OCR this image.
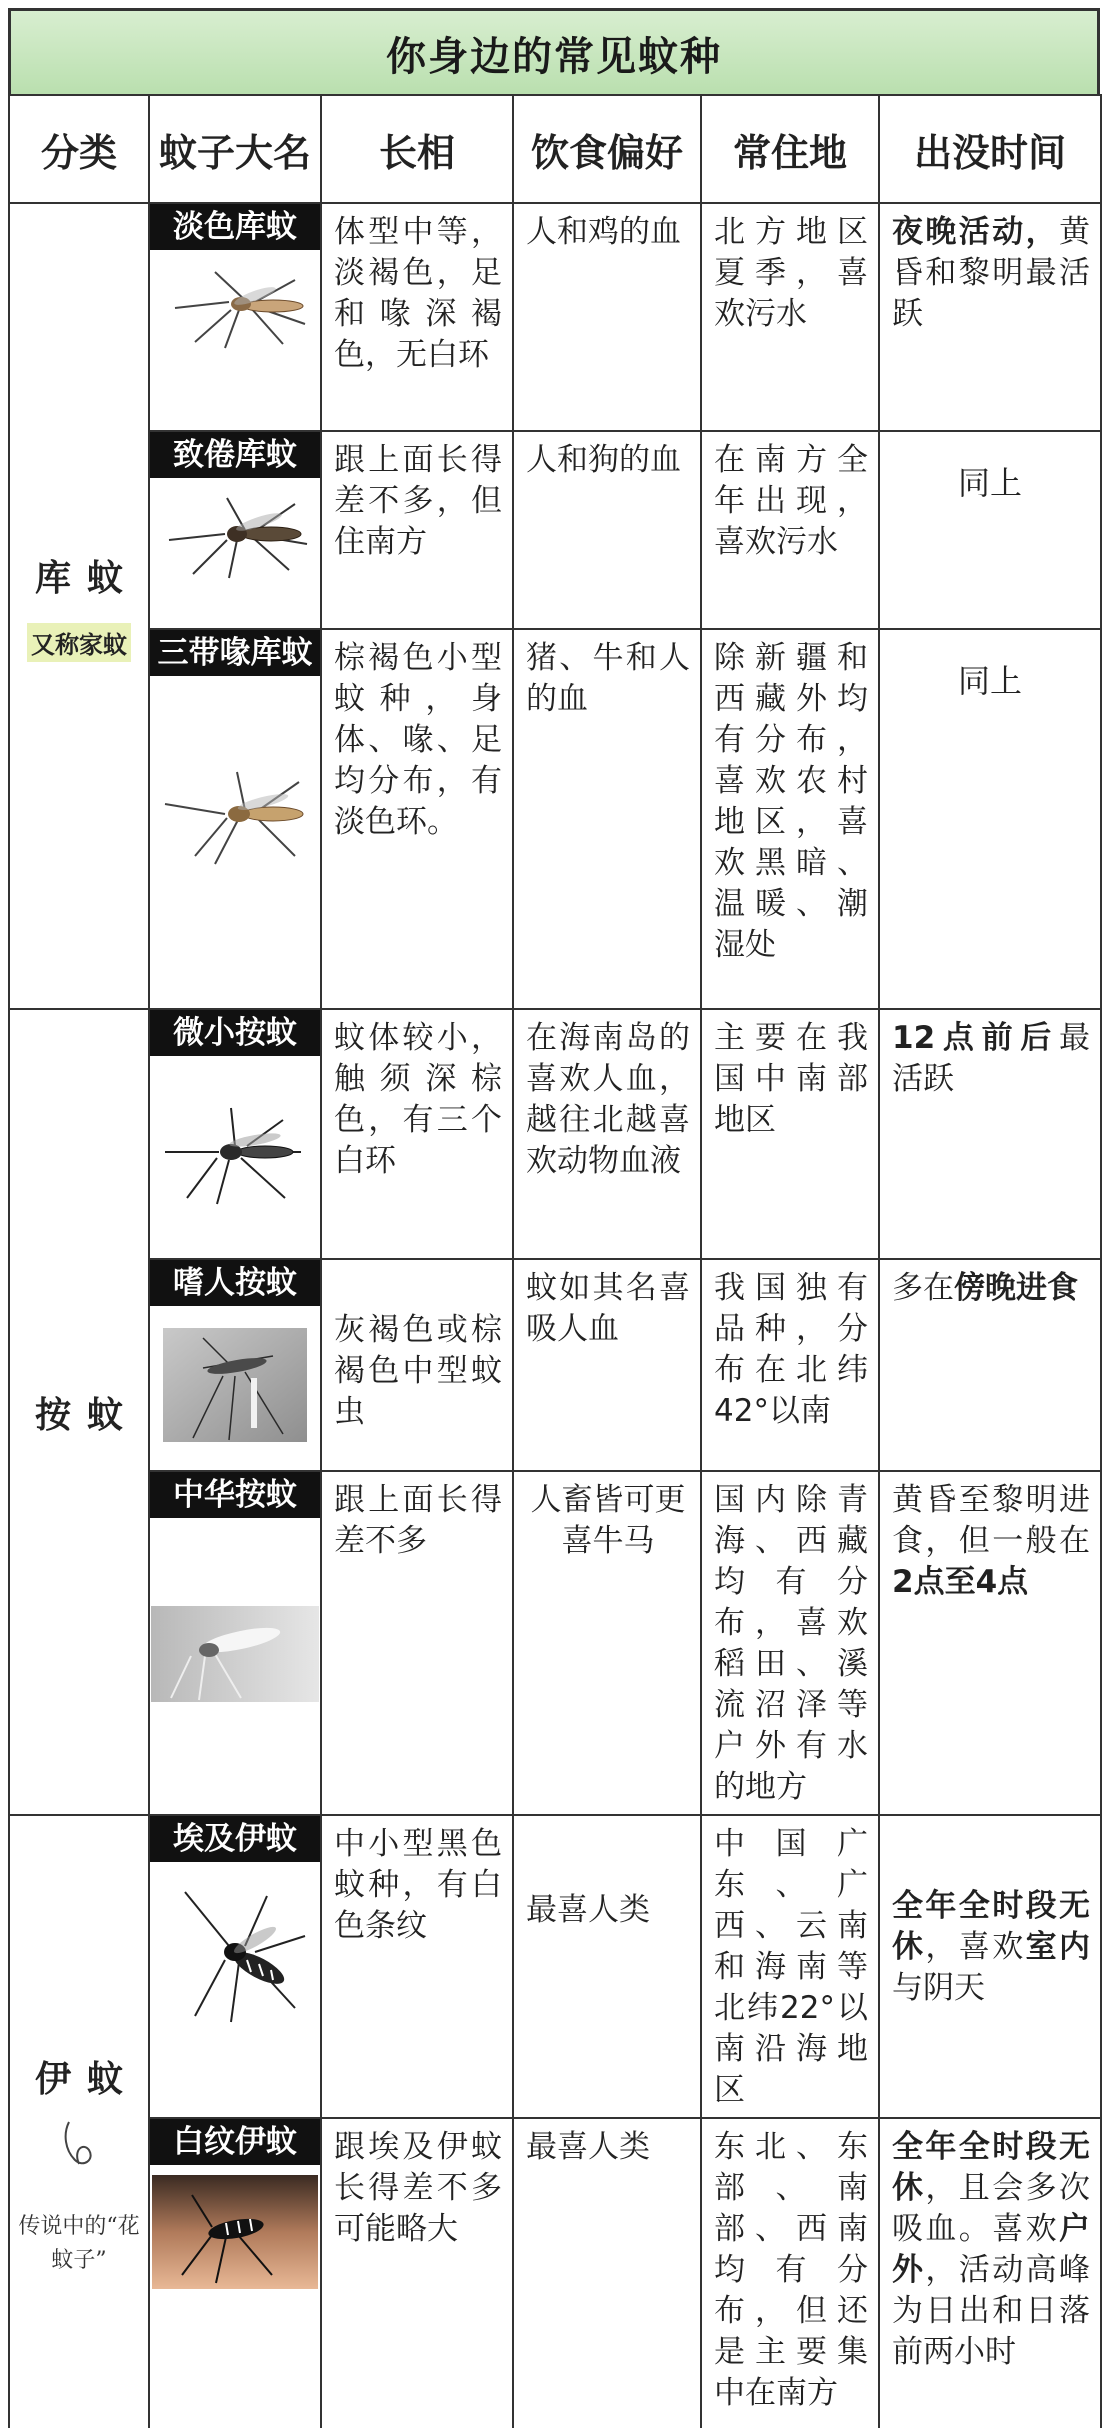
你身边的常见蚊种
分类	蚊子大名	长相	饮食偏好	常住地	出没时间

库蚊
又称家蚊	淡色库蚊	体型中等，淡褐色，足和喙深褐色，无白环	人和鸡的血	北方地区夏季，喜欢污水	夜晚活动，黄昏和黎明最活跃

	致倦库蚊	跟上面长得差不多，但住南方	人和狗的血	在南方全年出现，喜欢污水	同上

	三带喙库蚊	棕褐色小型蚊种，身体、喙、足均分布，有淡色环。	猪、牛和人的血	除新疆和西藏外均有分布，喜欢农村地区，喜欢黑暗、温暖、潮湿处	同上

按蚊	微小按蚊	蚊体较小，触须深棕色，有三个白环	在海南岛的喜欢人血，越往北越喜欢动物血液	主要在我国中南部地区	12点前后最活跃

	嗜人按蚊	灰褐色或棕褐色中型蚊虫	蚊如其名喜吸人血	我国独有品种，分布在北纬42°以南	多在傍晚进食

	中华按蚊	跟上面长得差不多	人畜皆可更喜牛马	国内除青海、西藏均有分布，喜欢稻田、溪流沼泽等户外有水的地方	黄昏至黎明进食，但一般在2点至4点

伊蚊
传说中的“花蚊子”	埃及伊蚊	中小型黑色蚊种，有白色条纹	最喜人类	中国广东、广西、云南和海南等北纬22°以南沿海地区	全年全时段无休，喜欢室内与阴天

	白纹伊蚊	跟埃及伊蚊长得差不多可能略大	最喜人类	东北、东部、南部、西南均有分布，但还是主要集中在南方	全年全时段无休，且会多次吸血。喜欢户外，活动高峰为日出和日落前两小时
